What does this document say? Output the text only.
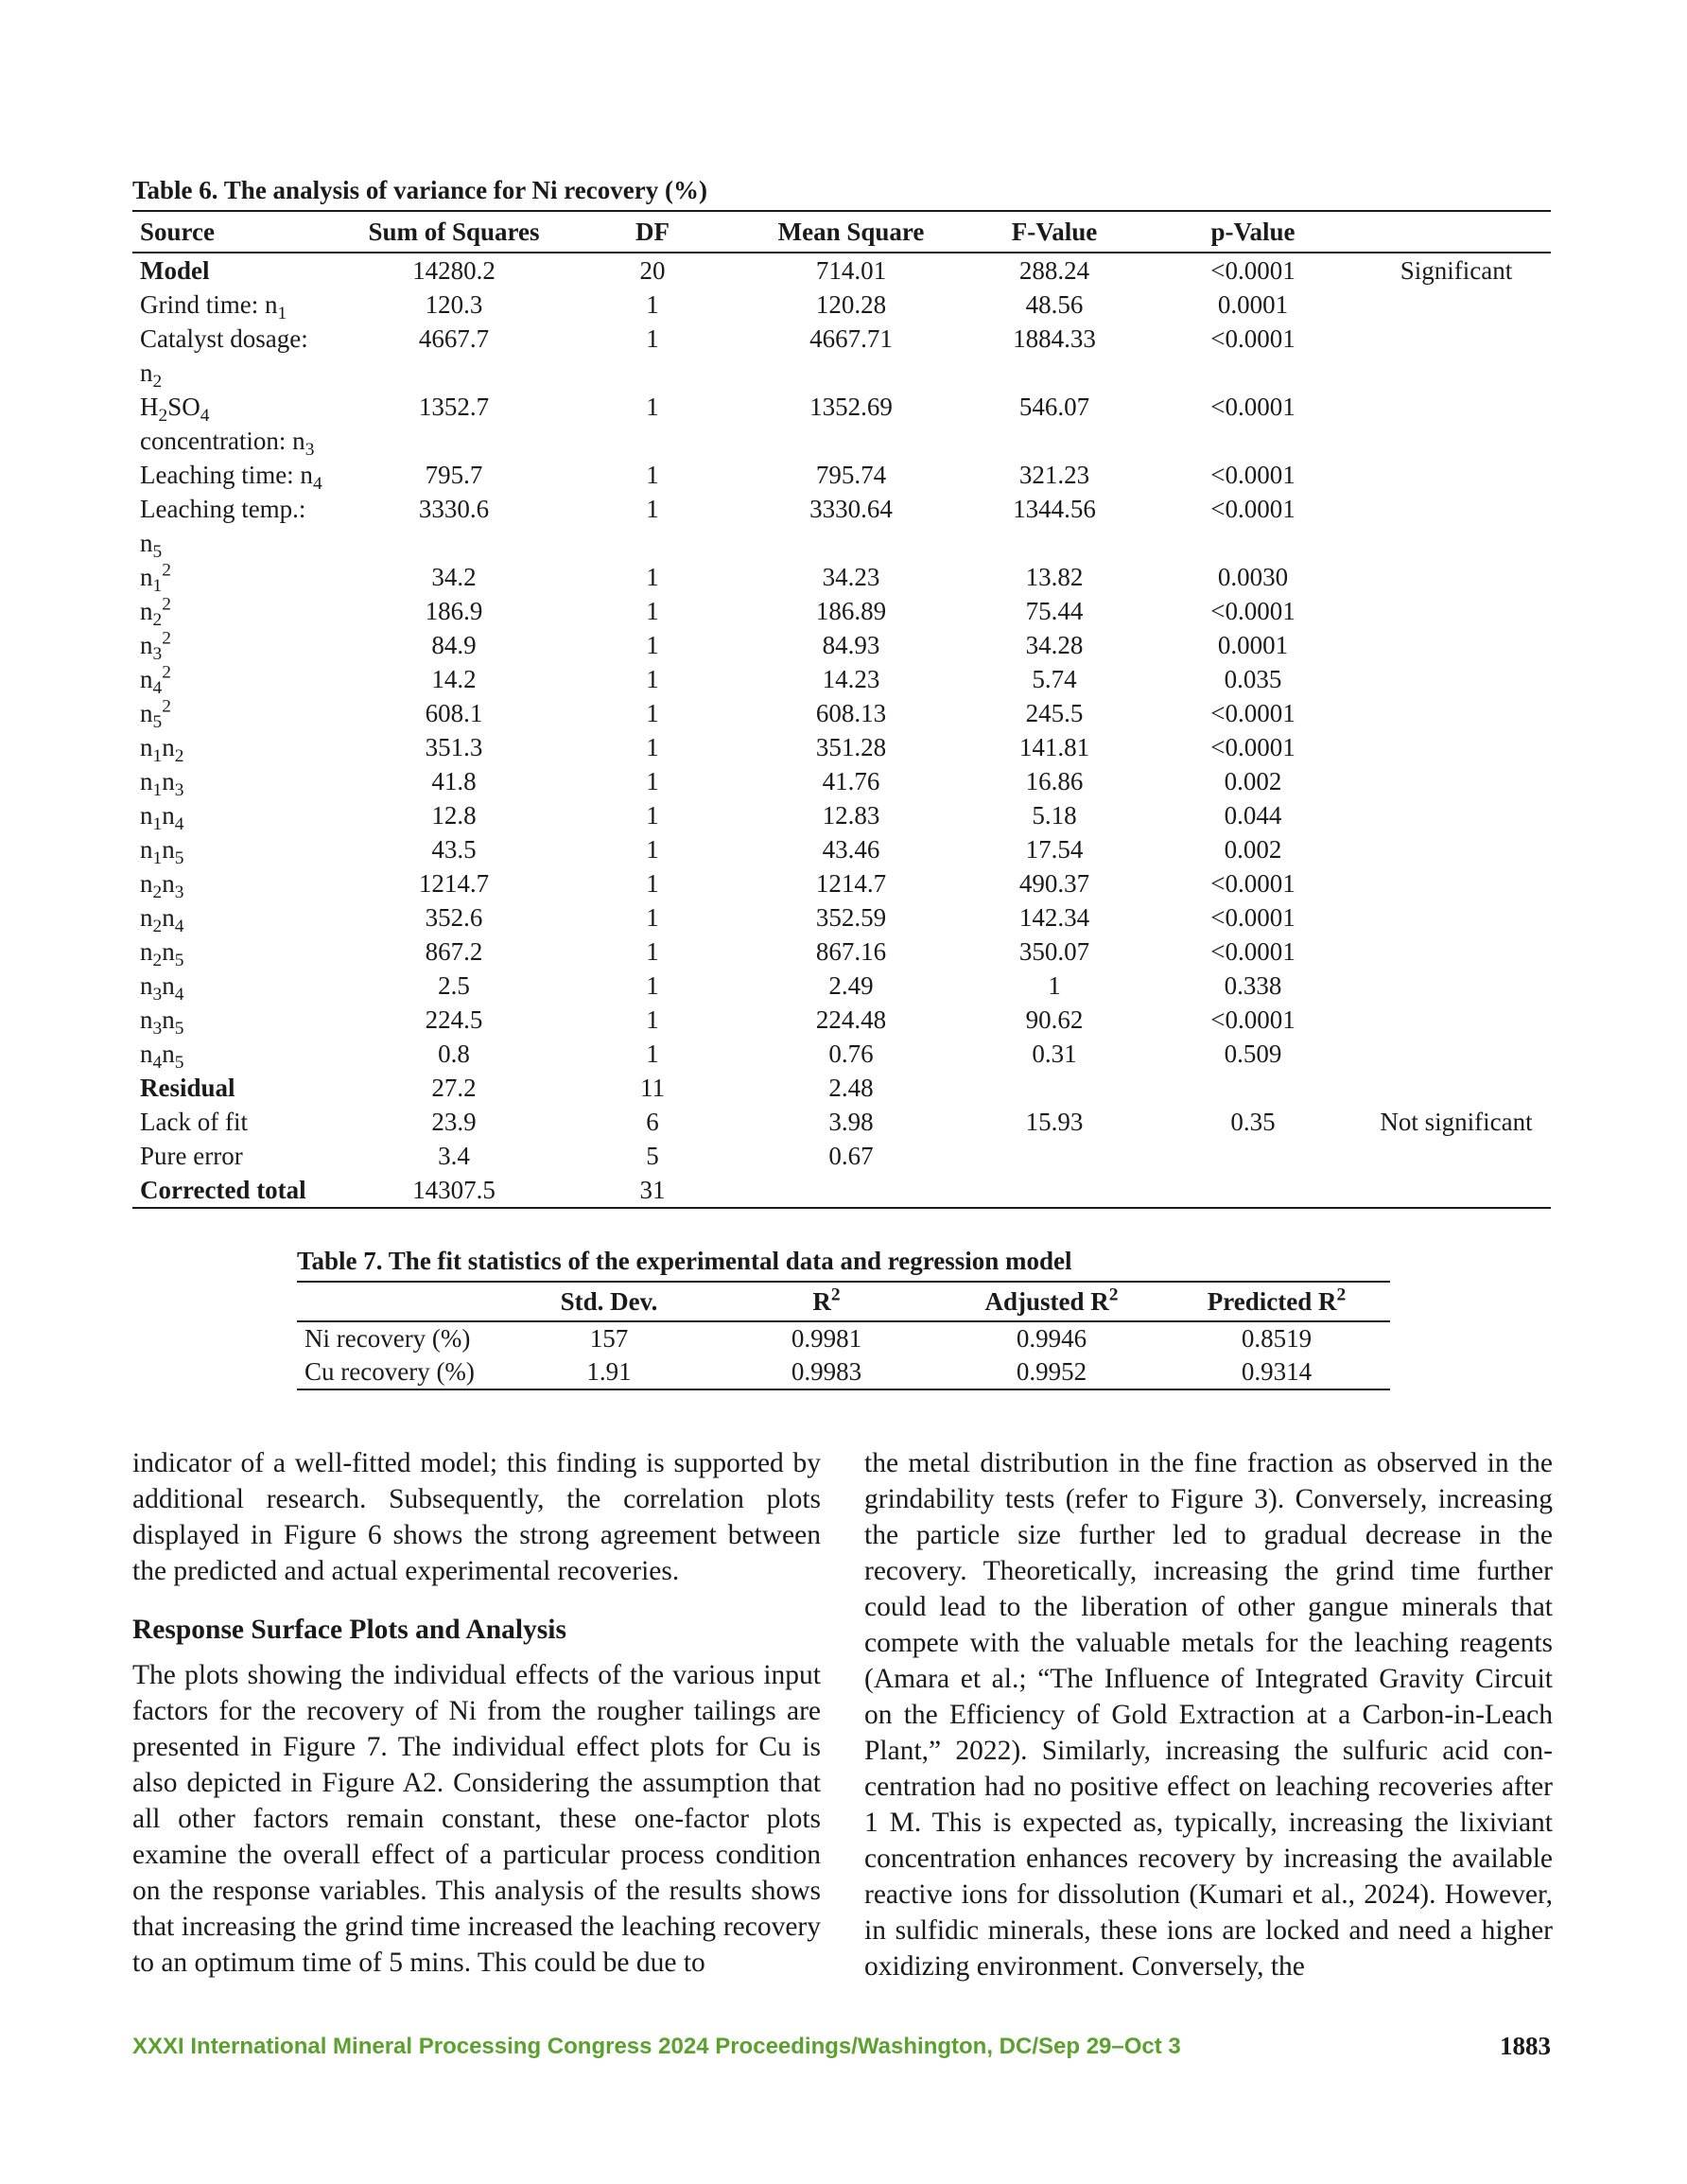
Table 6. The analysis of variance for Ni recovery (%)
Source	Sum of Squares	DF	Mean Square	F-Value	p-Value	
Model	14280.2	20	714.01	288.24	<0.0001	Significant
Grind time: $n_1$	120.3	1	120.28	48.56	0.0001	
Catalyst dosage:
$n_2$	4667.7	1	4667.71	1884.33	<0.0001	
$H_2SO_4$
concentration: $n_3$	1352.7	1	1352.69	546.07	<0.0001	
Leaching time: $n_4$	795.7	1	795.74	321.23	<0.0001	
Leaching temp.:
$n_5$	3330.6	1	3330.64	1344.56	<0.0001	
$n_1^2$	34.2	1	34.23	13.82	0.0030	
$n_2^2$	186.9	1	186.89	75.44	<0.0001	
$n_3^2$	84.9	1	84.93	34.28	0.0001	
$n_4^2$	14.2	1	14.23	5.74	0.035	
$n_5^2$	608.1	1	608.13	245.5	<0.0001	
$n_1n_2$	351.3	1	351.28	141.81	<0.0001	
$n_1n_3$	41.8	1	41.76	16.86	0.002	
$n_1n_4$	12.8	1	12.83	5.18	0.044	
$n_1n_5$	43.5	1	43.46	17.54	0.002	
$n_2n_3$	1214.7	1	1214.7	490.37	<0.0001	
$n_2n_4$	352.6	1	352.59	142.34	<0.0001	
$n_2n_5$	867.2	1	867.16	350.07	<0.0001	
$n_3n_4$	2.5	1	2.49	1	0.338	
$n_3n_5$	224.5	1	224.48	90.62	<0.0001	
$n_4n_5$	0.8	1	0.76	0.31	0.509	
Residual	27.2	11	2.48			
Lack of fit	23.9	6	3.98	15.93	0.35	Not significant
Pure error	3.4	5	0.67			
Corrected total	14307.5	31				
Table 7. The fit statistics of the experimental data and regression model
	Std. Dev.	$R^2$	Adjusted $R^2$	Predicted $R^2$
Ni recovery (%)	157	0.9981	0.9946	0.8519
Cu recovery (%)	1.91	0.9983	0.9952	0.9314

indicator of a well-fitted model; this finding is supported by additional research. Subsequently, the correlation plots displayed in Figure 6 shows the strong agreement between the predicted and actual experimental recoveries.

Response Surface Plots and Analysis

The plots showing the individual effects of the various input factors for the recovery of Ni from the rougher tailings are presented in Figure 7. The individual effect plots for Cu is also depicted in Figure A2. Considering the assumption that all other factors remain constant, these one-factor plots examine the overall effect of a particular process condition on the response variables. This analysis of the results shows that increasing the grind time increased the leaching recovery to an optimum time of 5 mins. This could be due to

the metal distribution in the fine fraction as observed in the grindability tests (refer to Figure 3). Conversely, increasing the particle size further led to gradual decrease in the recovery. Theoretically, increasing the grind time further could lead to the liberation of other gangue minerals that compete with the valuable metals for the leaching reagents (Amara et al.; “The Influence of Integrated Gravity Circuit on the Efficiency of Gold Extraction at a Carbon-in-Leach Plant,” 2022). Similarly, increasing the sulfuric acid concentration had no positive effect on leaching recoveries after 1 M. This is expected as, typically, increasing the lixiviant concentration enhances recovery by increasing the available reactive ions for dissolution (Kumari et al., 2024). However, in sulfidic minerals, these ions are locked and need a higher oxidizing environment. Conversely, the

XXXI International Mineral Processing Congress 2024 Proceedings/Washington, DC/Sep 29–Oct 3	1883
